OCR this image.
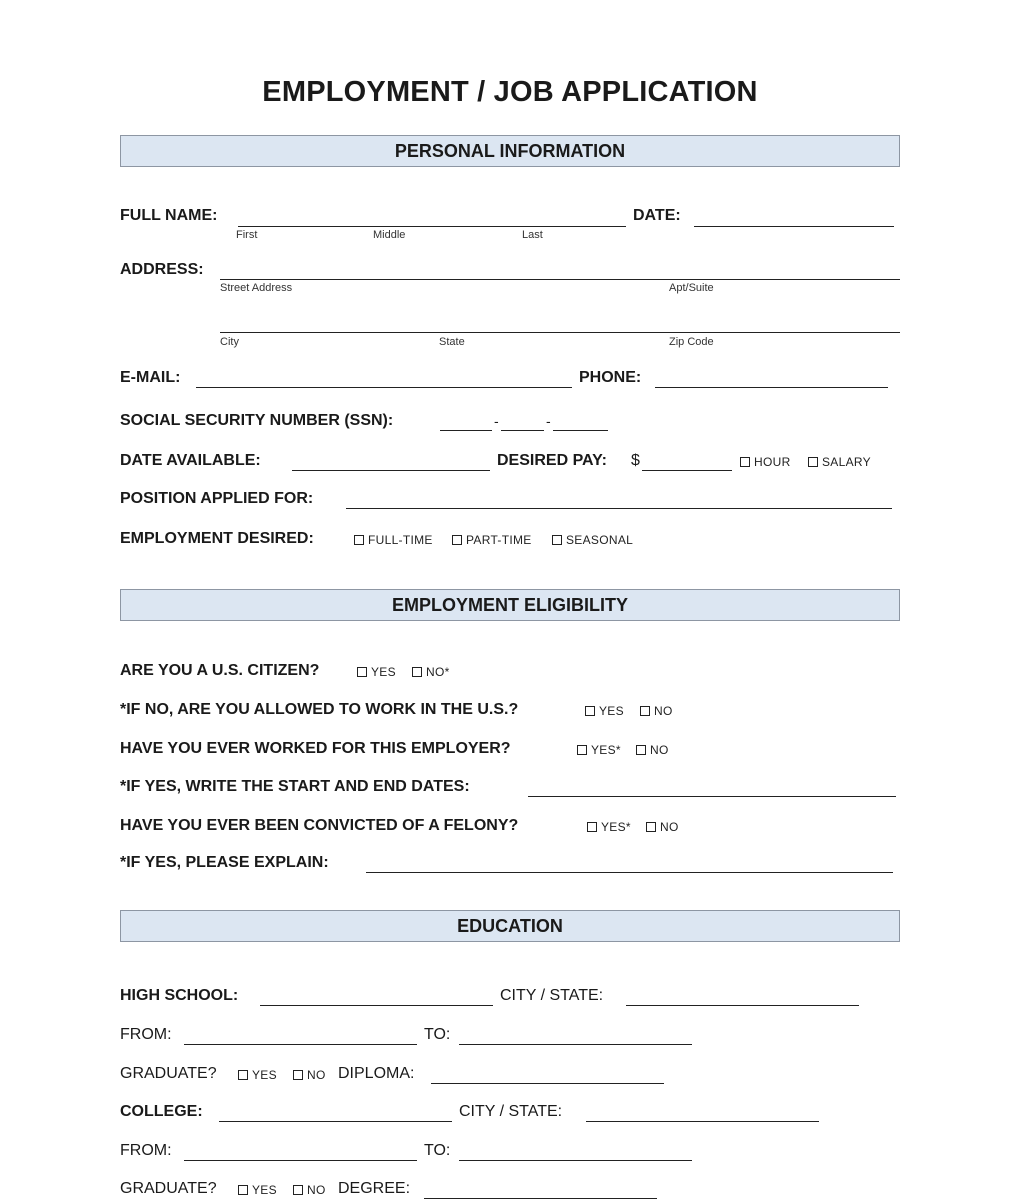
EMPLOYMENT / JOB APPLICATION
PERSONAL INFORMATION
FULL NAME:	DATE:
First	Middle	Last
ADDRESS:
Street Address	Apt/Suite
City	State	Zip Code
E-MAIL:	PHONE:
SOCIAL SECURITY NUMBER (SSN):	-	-
DATE AVAILABLE:	DESIRED PAY: $	HOUR	SALARY
POSITION APPLIED FOR:
EMPLOYMENT DESIRED:	FULL-TIME	PART-TIME	SEASONAL
EMPLOYMENT ELIGIBILITY
ARE YOU A U.S. CITIZEN?	YES	NO*
*IF NO, ARE YOU ALLOWED TO WORK IN THE U.S.?	YES	NO
HAVE YOU EVER WORKED FOR THIS EMPLOYER?	YES*	NO
*IF YES, WRITE THE START AND END DATES:
HAVE YOU EVER BEEN CONVICTED OF A FELONY?	YES*	NO
*IF YES, PLEASE EXPLAIN:
EDUCATION
HIGH SCHOOL:	CITY / STATE:
FROM:	TO:
GRADUATE?	YES	NO DIPLOMA:
COLLEGE:	CITY / STATE:
FROM:	TO:
GRADUATE?	YES	NO DEGREE:
